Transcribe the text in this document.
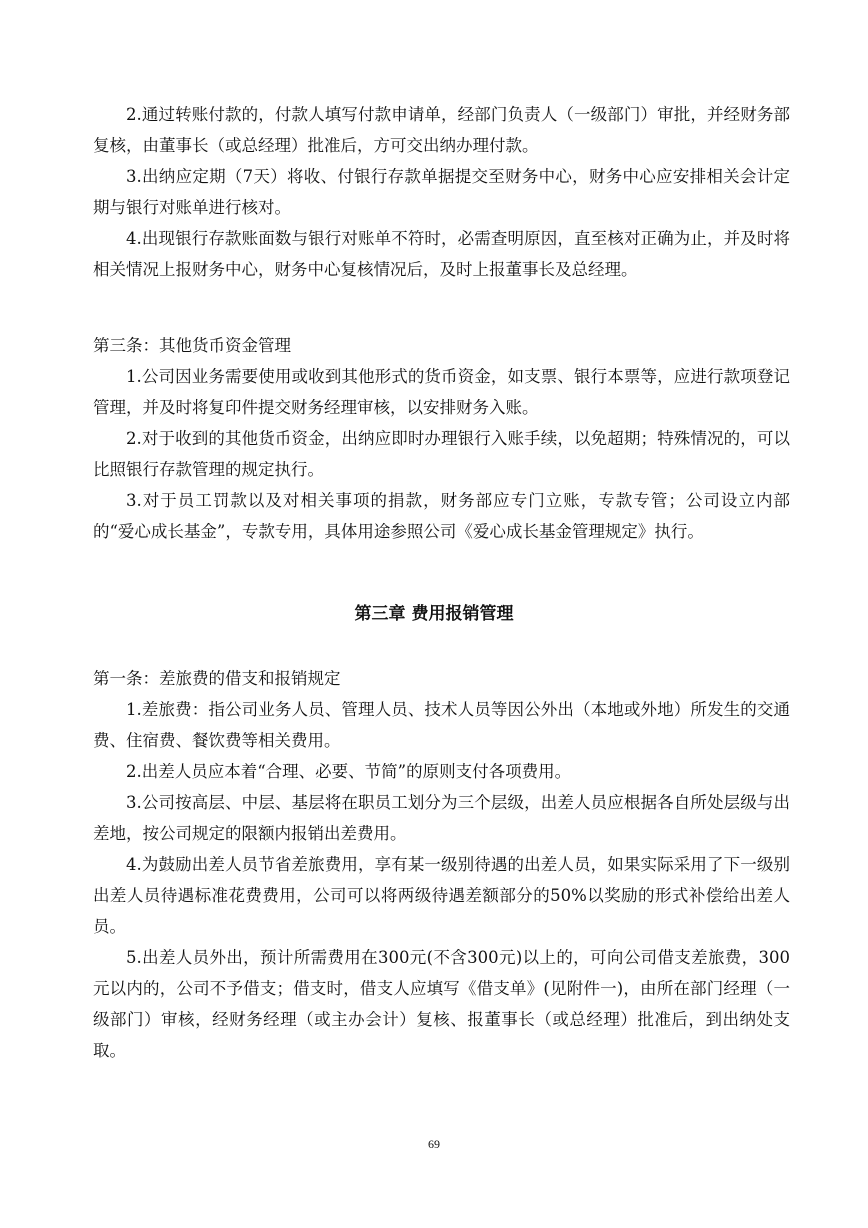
2.通过转账付款的，付款人填写付款申请单，经部门负责人（一级部门）审批，并经财务部复核，由董事长（或总经理）批准后，方可交出纳办理付款。

3.出纳应定期（7天）将收、付银行存款单据提交至财务中心，财务中心应安排相关会计定期与银行对账单进行核对。

4.出现银行存款账面数与银行对账单不符时，必需查明原因，直至核对正确为止，并及时将相关情况上报财务中心，财务中心复核情况后，及时上报董事长及总经理。

第三条：其他货币资金管理

1.公司因业务需要使用或收到其他形式的货币资金，如支票、银行本票等，应进行款项登记管理，并及时将复印件提交财务经理审核，以安排财务入账。

2.对于收到的其他货币资金，出纳应即时办理银行入账手续，以免超期；特殊情况的，可以比照银行存款管理的规定执行。

3.对于员工罚款以及对相关事项的捐款，财务部应专门立账，专款专管；公司设立内部的“爱心成长基金”，专款专用，具体用途参照公司《爱心成长基金管理规定》执行。

第三章 费用报销管理

第一条：差旅费的借支和报销规定

1.差旅费：指公司业务人员、管理人员、技术人员等因公外出（本地或外地）所发生的交通费、住宿费、餐饮费等相关费用。

2.出差人员应本着“合理、必要、节简”的原则支付各项费用。

3.公司按高层、中层、基层将在职员工划分为三个层级，出差人员应根据各自所处层级与出差地，按公司规定的限额内报销出差费用。

4.为鼓励出差人员节省差旅费用，享有某一级别待遇的出差人员，如果实际采用了下一级别出差人员待遇标准花费费用，公司可以将两级待遇差额部分的50%以奖励的形式补偿给出差人员。

5.出差人员外出，预计所需费用在300元(不含300元)以上的，可向公司借支差旅费，300元以内的，公司不予借支；借支时，借支人应填写《借支单》(见附件一)，由所在部门经理（一级部门）审核，经财务经理（或主办会计）复核、报董事长（或总经理）批准后，到出纳处支取。

69
